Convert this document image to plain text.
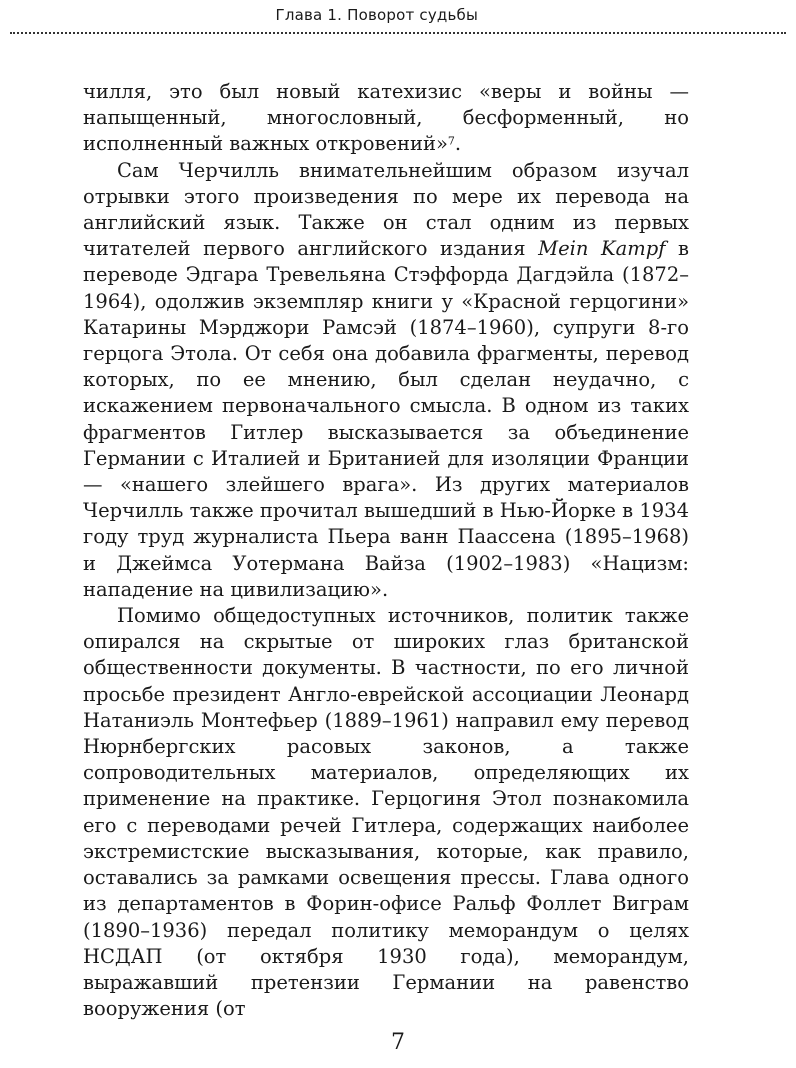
Глава 1. Поворот судьбы

чилля, это был новый катехизис «веры и войны — напыщенный, многословный, бесформенный, но исполненный важных откровений»$^7$.

Сам Черчилль внимательнейшим образом изучал отрывки этого произведения по мере их перевода на английский язык. Также он стал одним из первых читателей первого английского издания Mein Kampf в переводе Эдгара Тревельяна Стэффорда Дагдэйла (1872–1964), одолжив экземпляр книги у «Красной герцогини» Катарины Мэрджори Рамсэй (1874–1960), супруги 8-го герцога Этола. От себя она добавила фрагменты, перевод которых, по ее мнению, был сделан неудачно, с искажением первоначального смысла. В одном из таких фрагментов Гитлер высказывается за объединение Германии с Италией и Британией для изоляции Франции — «нашего злейшего врага». Из других материалов Черчилль также прочитал вышедший в Нью-Йорке в 1934 году труд журналиста Пьера ванн Паассена (1895–1968) и Джеймса Уотермана Вайза (1902–1983) «Нацизм: нападение на цивилизацию».

Помимо общедоступных источников, политик также опирался на скрытые от широких глаз британской общественности документы. В частности, по его личной просьбе президент Англо-еврейской ассоциации Леонард Натаниэль Монтефьер (1889–1961) направил ему перевод Нюрнбергских расовых законов, а также сопроводительных материалов, определяющих их применение на практике. Герцогиня Этол познакомила его с переводами речей Гитлера, содержащих наиболее экстремистские высказывания, которые, как правило, оставались за рамками освещения прессы. Глава одного из департаментов в Форин-офисе Ральф Фоллет Виграм (1890–1936) передал политику меморандум о целях НСДАП (от октября 1930 года), меморандум, выражавший претензии Германии на равенство вооружения (от

7
